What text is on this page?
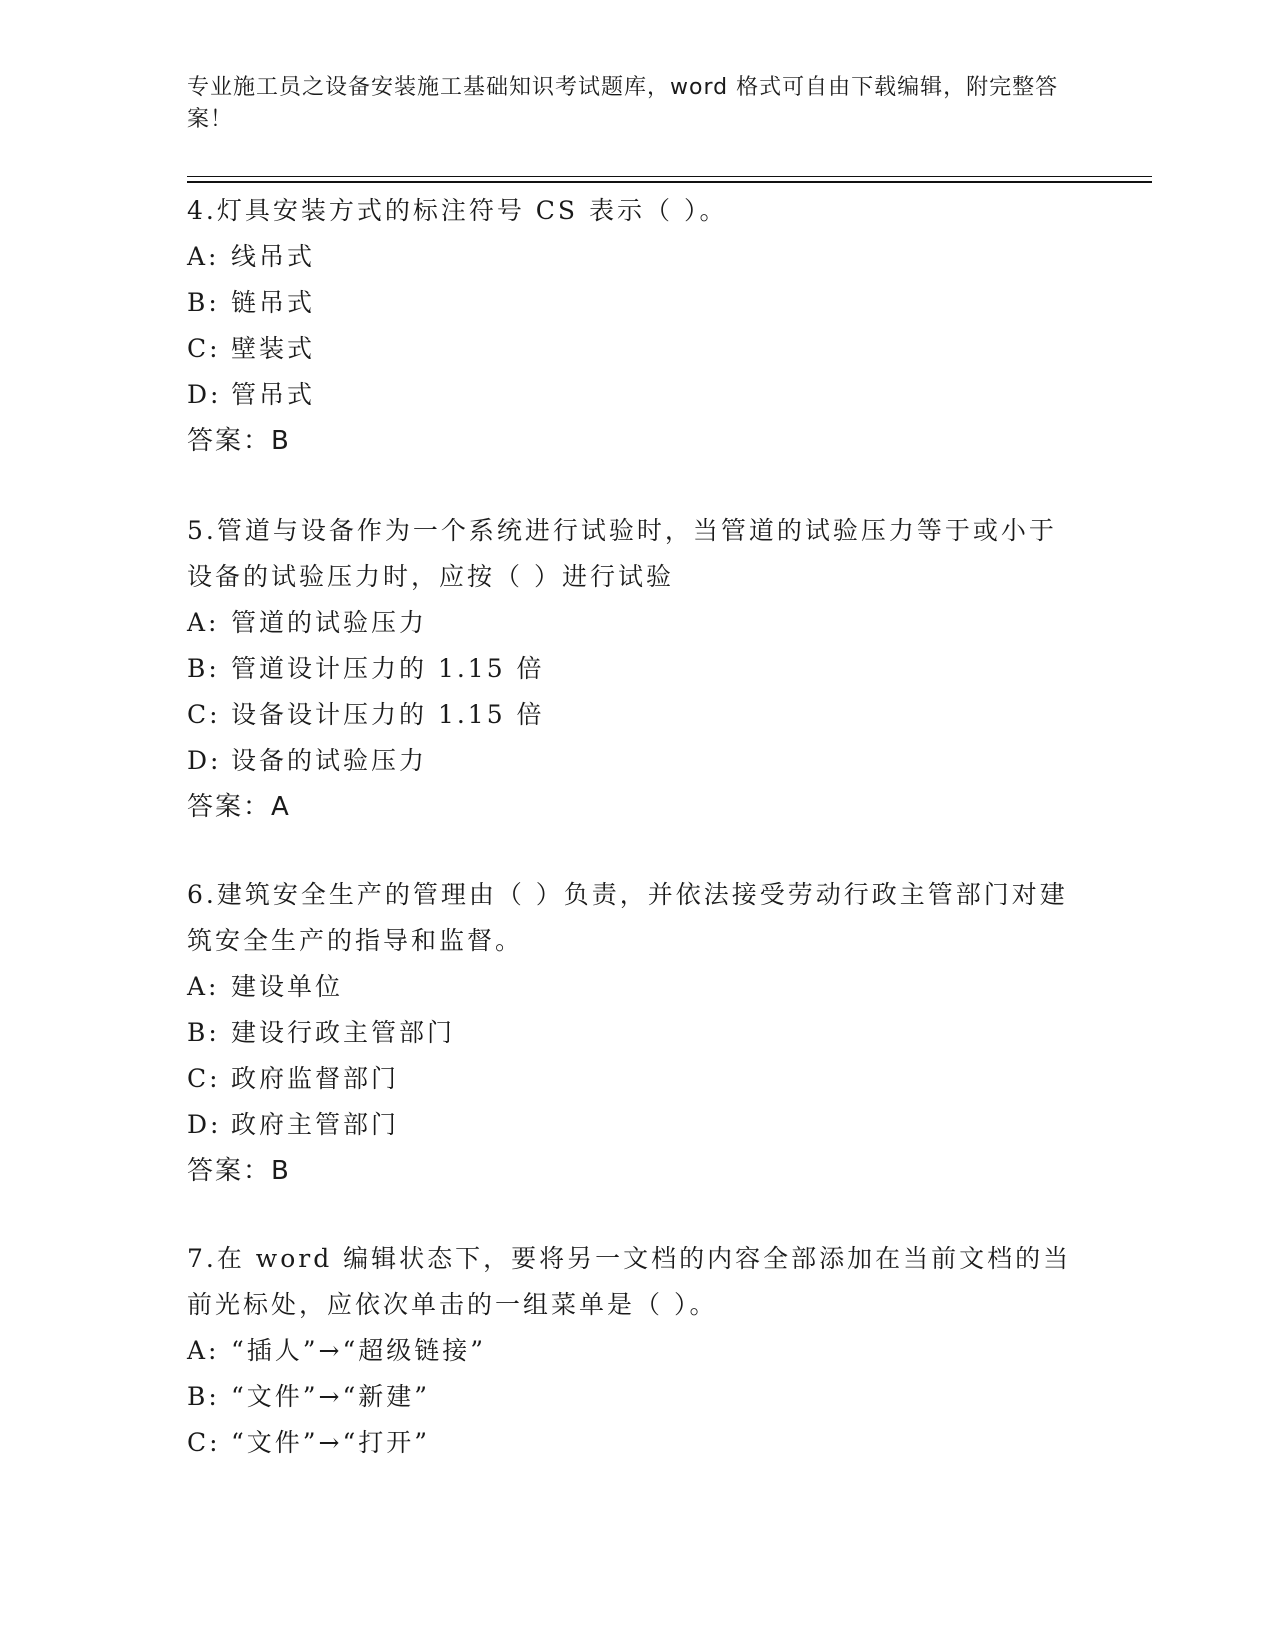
专业施工员之设备安装施工基础知识考试题库，word 格式可自由下载编辑，附完整答案！

4.灯具安装方式的标注符号 CS 表示（ ）。

A: 线吊式

B: 链吊式

C: 壁装式

D: 管吊式

答案：B

5.管道与设备作为一个系统进行试验时，当管道的试验压力等于或小于设备的试验压力时，应按（ ）进行试验

A: 管道的试验压力

B: 管道设计压力的 1.15 倍

C: 设备设计压力的 1.15 倍

D: 设备的试验压力

答案：A

6.建筑安全生产的管理由（ ）负责，并依法接受劳动行政主管部门对建筑安全生产的指导和监督。

A: 建设单位

B: 建设行政主管部门

C: 政府监督部门

D: 政府主管部门

答案：B

7.在 word 编辑状态下，要将另一文档的内容全部添加在当前文档的当前光标处，应依次单击的一组菜单是（ ）。

A: “插人”→“超级链接”

B: “文件”→“新建”

C: “文件”→“打开”
